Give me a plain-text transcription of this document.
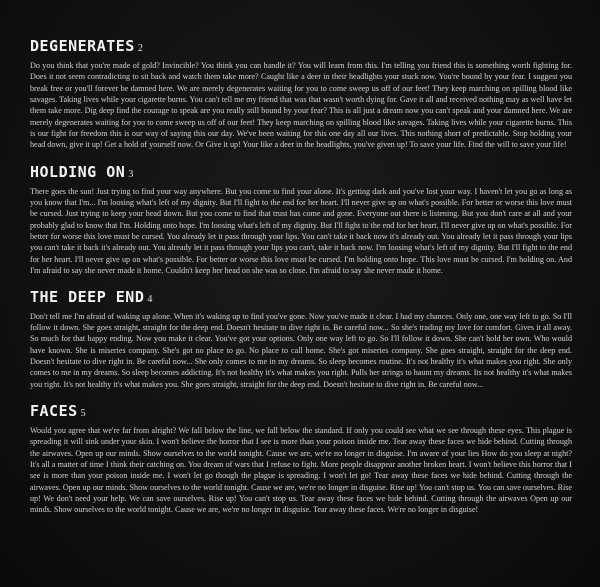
DEGENERATES 2

Do you think that you're made of gold? Invincible? You think you can handle it? You will learn from this. I'm telling you friend this is something worth fighting for. Does it not seem contradicting to sit back and watch them take more? Caught like a deer in their headlights your stuck now. You're bound by your fear. I suggest you break free or you'll forever be damned here. We are merely degenerates waiting for you to come sweep us off of our feet! They keep marching on spilling blood like savages. Taking lives while your cigarette burns. You can't tell me my friend that was that wasn't worth dying for. Gave it all and received nothing may as well have let them take more. Dig deep find the courage to speak are you really still bound by your fear? This is all just a dream now you can't speak and your damned here. We are merely degenerates waiting for you to come sweep us off of our feet! They keep marching on spilling blood like savages. Taking lives while your cigarette burns. This is our fight for freedom this is our way of saying this our day. We've been waiting for this one day all our lives. This nothing short of predictable. Stop holding your head down, give it up! Get a hold of yourself now. Or Give it up! Your like a deer in the headlights, you've given up! To save your life. Find the will to save your life!

HOLDING ON 3

There goes the sun! Just trying to find your way anywhere. But you come to find your alone. It's getting dark and you've lost your way. I haven't let you go as long as you know that I'm... I'm loosing what's left of my dignity. But I'll fight to the end for her heart. I'll never give up on what's possible. For better or worse this love must be cursed. Just trying to keep your head down. But you come to find that trust has come and gone. Everyone out there is listening. But you don't care at all and your probably glad to know that I'm. Holding onto hope. I'm loosing what's left of my dignity. But I'll fight to the end for her heart. I'll never give up on what's possible. For better for worse this love must be cursed. You already let it pass through your lips. You can't take it back now it's already out. You already let it pass through your lips you can't take it back it's already out. You already let it pass through your lips you can't, take it back now. I'm loosing what's left of my dignity. But I'll fight to the end for her heart. I'll never give up on what's possible. For better or worse this love must be cursed. I'm holding onto hope. This love must be cursed. I'm holding on. And I'm afraid to say she never made it home. Couldn't keep her head on she was so close. I'm afraid to say she never made it home.

THE DEEP END 4

Don't tell me I'm afraid of waking up alone. When it's waking up to find you've gone. Now you've made it clear. I had my chances. Only one, one way left to go. So I'll follow it down. She goes straight, straight for the deep end. Doesn't hesitate to dive right in. Be careful now... So she's trading my love for comfort. Gives it all away. So much for that happy ending. Now you make it clear. You've got your options. Only one way left to go. So I'll follow it down. She can't hold her own. Who would have known. She is miseries company. She's got no place to go. No place to call home. She's got miseries company. She goes straight, straight for the deep end. Doesn't hesitate to dive right in. Be careful now... She only comes to me in my dreams. So sleep becomes routine. It's not healthy it's what makes you right. She only comes to me in my dreams. So sleep becomes addicting. It's not healthy it's what makes you right. Pulls her strings to haunt my dreams. Its not healthy it's what makes you right. It's not healthy it's what makes you. She goes straight, straight for the deep end. Doesn't hesitate to dive right in. Be careful now...

FACES 5

Would you agree that we're far from alright? We fall below the line, we fall below the standard. If only you could see what we see through these eyes. This plague is spreading it will sink under your skin. I won't believe the horror that I see is more than your poison inside me. Tear away these faces we hide behind. Cutting through the airwaves. Open up our minds. Show ourselves to the world tonight. Cause we are, we're no longer in disguise. I'm aware of your lies How do you sleep at night? It's all a matter of time I think their catching on. You dream of wars that I refuse to fight. More people disappear another broken heart. I won't believe this horror that I see is more than your poison inside me. I won't let go though the plague is spreading. I won't let go! Tear away these faces we hide behind. Cutting through the airwaves. Open up our minds. Show ourselves to the world tonight. Cause we are, we're no longer in disguise. Rise up! You can't stop us. You can save ourselves. Rise up! We don't need your help. We can save ourselves. Rise up! You can't stop us. Tear away these faces we hide behind. Cutting through the airwaves Open up our minds. Show ourselves to the world tonight. Cause we are, we're no longer in disguise. Tear away these faces. We're no longer in disguise!
